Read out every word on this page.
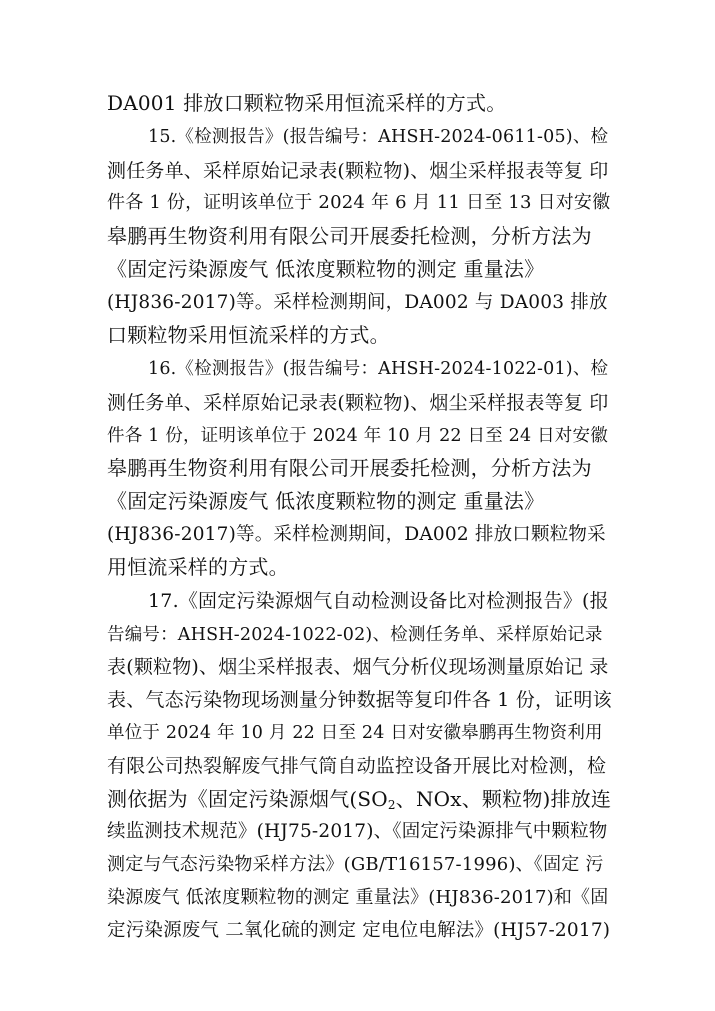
DA001 排放口颗粒物采用恒流采样的方式。
15.《检测报告》(报告编号：AHSH-2024-0611-05)、检
测任务单、采样原始记录表(颗粒物)、烟尘采样报表等复 印
件各 1 份，证明该单位于 2024 年 6 月 11 日至 13 日对安徽
皋鹏再生物资利用有限公司开展委托检测，分析方法为
《固定污染源废气 低浓度颗粒物的测定 重量法》
(HJ836-2017)等。采样检测期间，DA002 与 DA003 排放
口颗粒物采用恒流采样的方式。
16.《检测报告》(报告编号：AHSH-2024-1022-01)、检
测任务单、采样原始记录表(颗粒物)、烟尘采样报表等复 印
件各 1 份，证明该单位于 2024 年 10 月 22 日至 24 日对安徽
皋鹏再生物资利用有限公司开展委托检测，分析方法为
《固定污染源废气 低浓度颗粒物的测定 重量法》
(HJ836-2017)等。采样检测期间，DA002 排放口颗粒物采
用恒流采样的方式。
17.《固定污染源烟气自动检测设备比对检测报告》(报
告编号：AHSH-2024-1022-02)、检测任务单、采样原始记录
表(颗粒物)、烟尘采样报表、烟气分析仪现场测量原始记 录
表、气态污染物现场测量分钟数据等复印件各 1 份，证明该
单位于 2024 年 10 月 22 日至 24 日对安徽皋鹏再生物资利用
有限公司热裂解废气排气筒自动监控设备开展比对检测，检
测依据为《固定污染源烟气($SO_2$、NOx、颗粒物)排放连
续监测技术规范》(HJ75-2017)、《固定污染源排气中颗粒物
测定与气态污染物采样方法》(GB/T16157-1996)、《固定 污
染源废气 低浓度颗粒物的测定 重量法》(HJ836-2017)和《固
定污染源废气 二氧化硫的测定 定电位电解法》(HJ57-2017)
